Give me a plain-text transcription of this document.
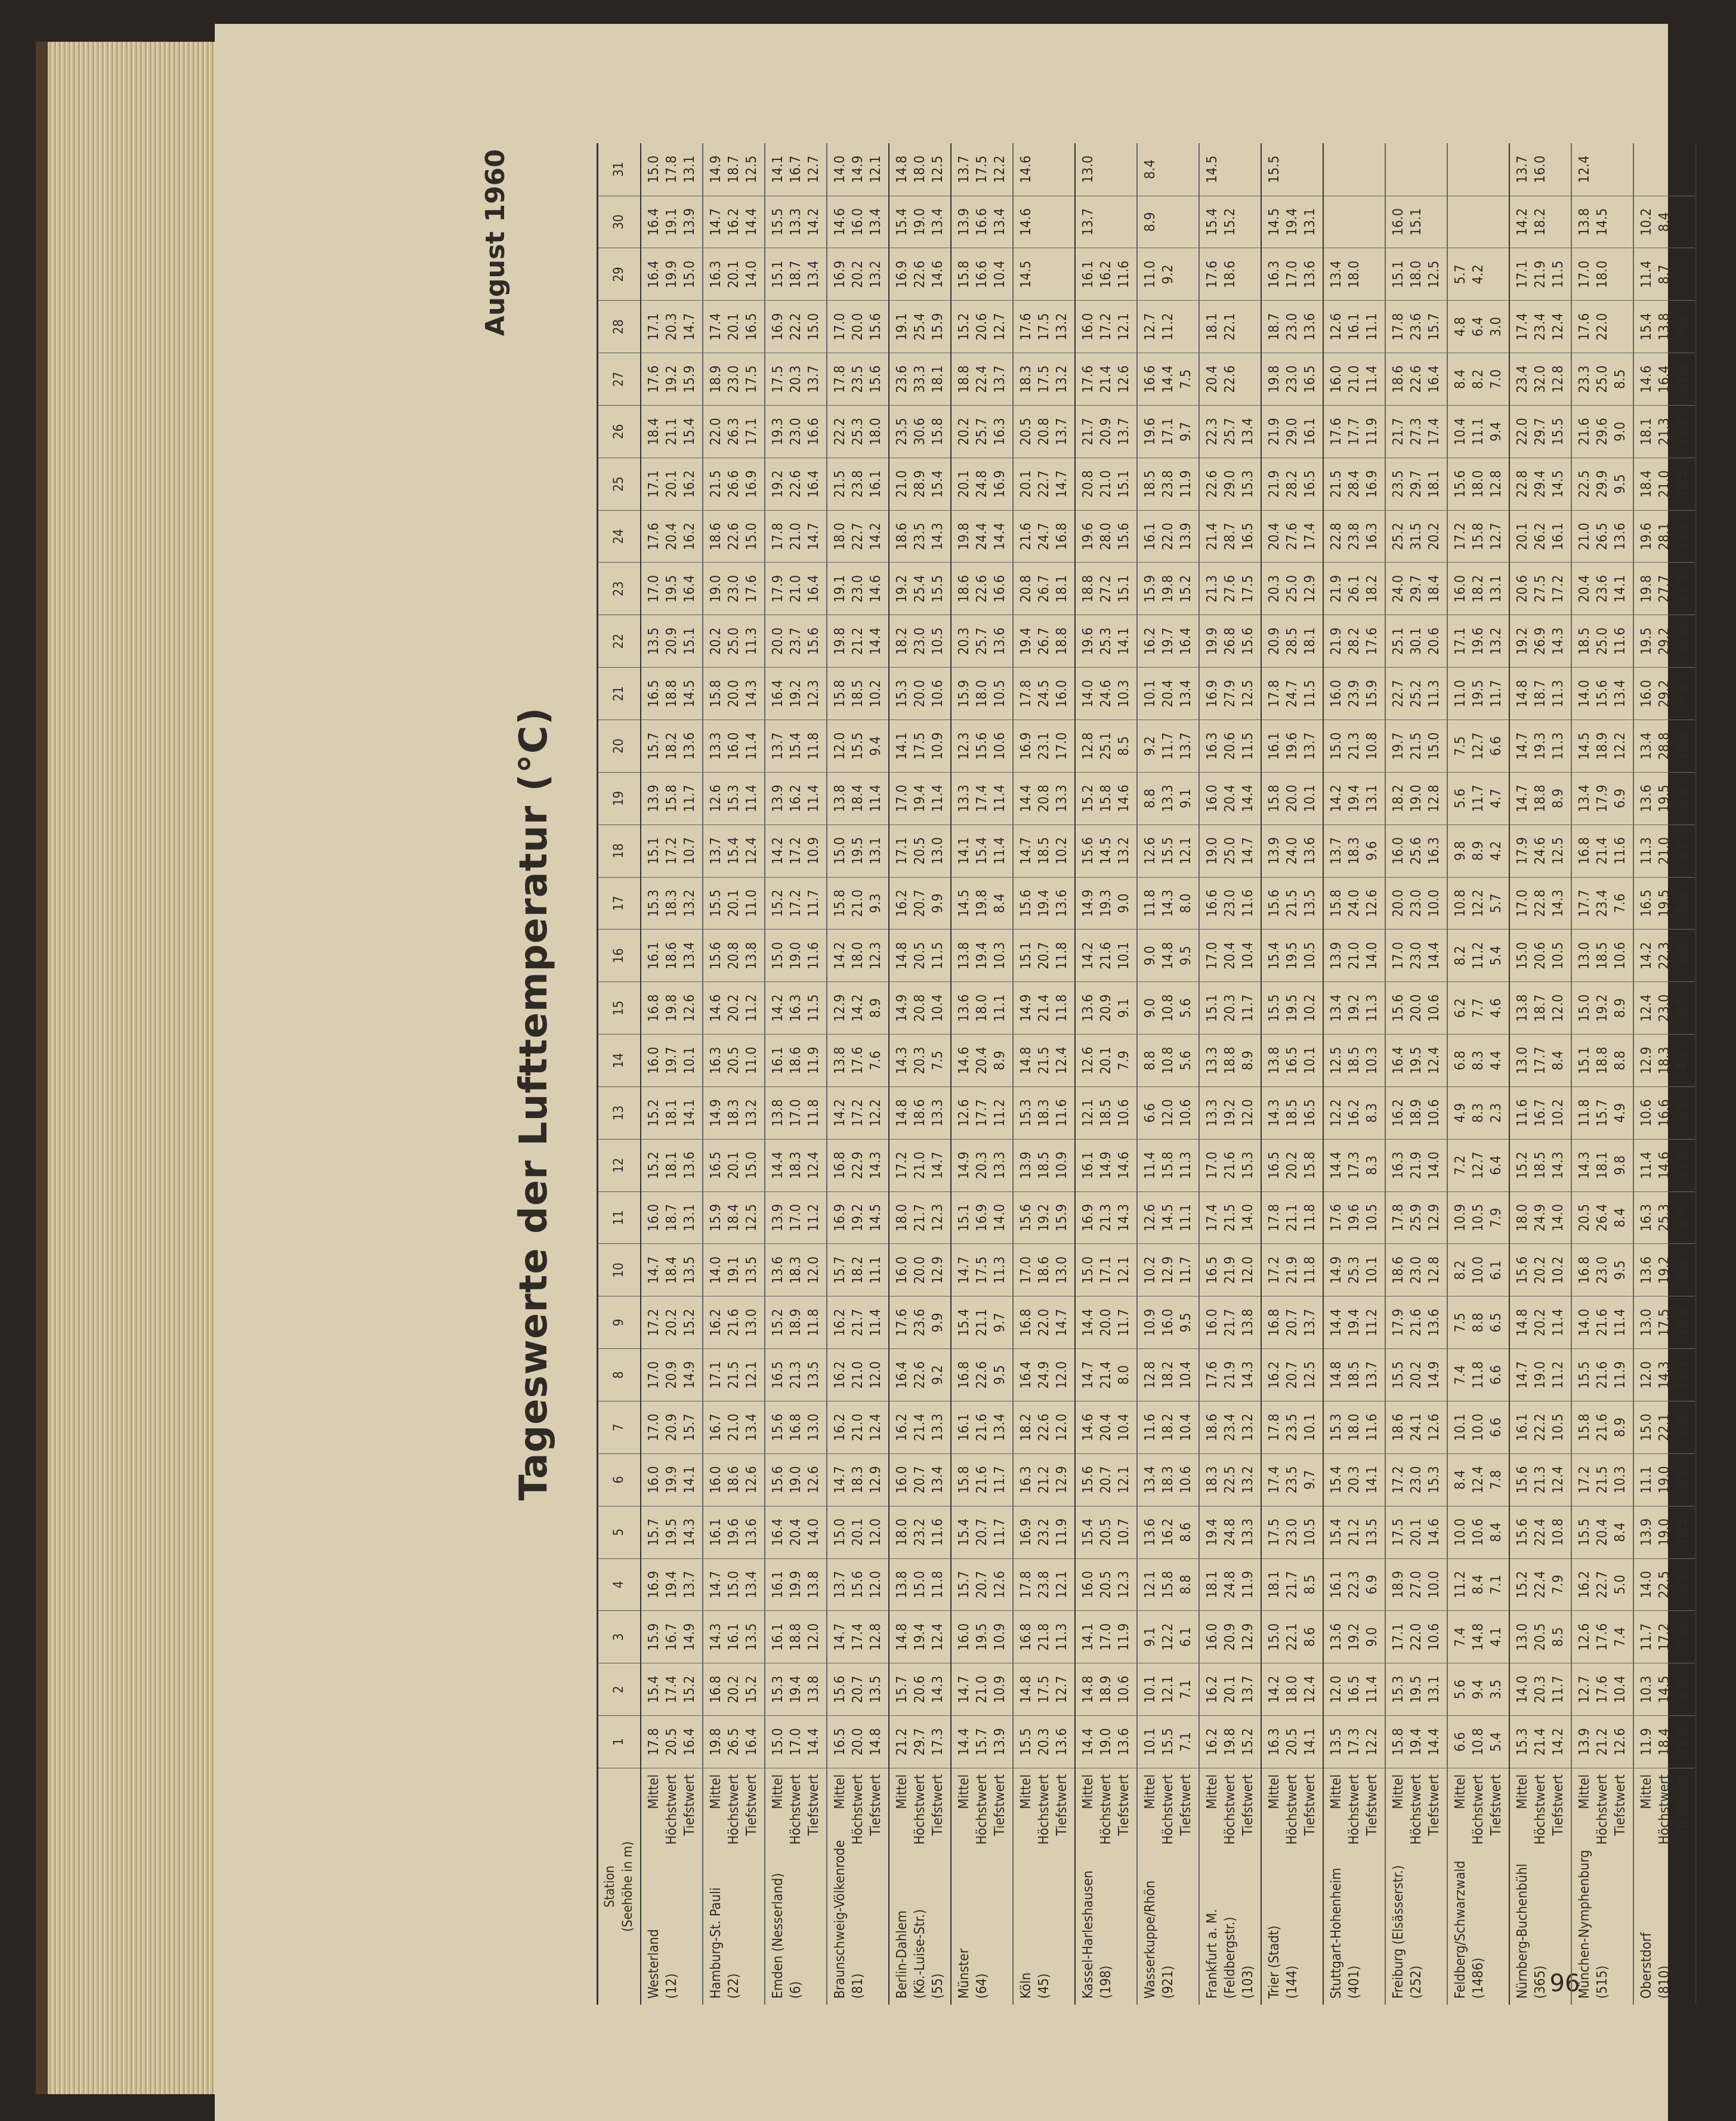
96
Tageswerte der Lufttemperatur (°C)
August 1960
Station (Seehöhe in m)		1	2	3	4	5	6	7	8	9	10	11	12	13	14	15	16	17	18	19	20	21	22	23	24	25	26	27	28	29	30	31

Westerland (12)	Mittel Höchstwert Tiefstwert	17.8 20.5 16.4	15.4 17.4 15.2	15.9 16.7 14.9	16.9 19.4 13.7	15.7 19.5 14.3	16.0 19.9 14.1	17.0 20.9 15.7	17.0 20.9 14.9	17.2 20.2 15.2	14.7 18.4 13.5	16.0 18.7 13.1	15.2 18.1 13.6	15.2 18.1 14.1	16.0 19.7 10.1	16.8 19.8 12.6	16.1 18.6 13.4	15.3 18.3 13.2	15.1 17.2 10.7	13.9 15.8 11.7	15.7 18.2 13.6	16.5 18.8 14.5	13.5 20.9 15.1	17.0 19.5 16.4	17.6 20.4 16.2	17.1 20.1 16.2	18.4 21.1 15.4	17.6 19.2 15.9	17.1 20.3 14.7	16.4 19.9 15.0	16.4 19.1 13.9	15.0 17.8 13.1

Hamburg-St. Pauli (22)	Mittel Höchstwert Tiefstwert	19.8 26.5 16.4	16.8 20.2 15.2	14.3 16.1 13.5	14.7 15.0 13.4	16.1 19.6 13.6	16.0 18.6 12.6	16.7 21.0 13.4	17.1 21.5 12.1	16.2 21.6 13.0	14.0 19.1 13.5	15.9 18.4 12.5	16.5 20.1 15.0	14.9 18.3 13.2	16.3 20.5 11.0	14.6 20.2 11.2	15.6 20.8 13.8	15.5 20.1 11.0	13.7 15.4 12.4	12.6 15.3 11.4	13.3 16.0 11.4	15.8 20.0 14.3	20.2 25.0 11.3	19.0 23.0 17.6	18.6 22.6 15.0	21.5 26.6 16.9	22.0 26.3 17.1	18.9 23.0 17.5	17.4 20.1 16.5	16.3 20.1 14.0	14.7 16.2 14.4	14.9 18.7 12.5

Emden (Nesserland) (6)	Mittel Höchstwert Tiefstwert	15.0 17.0 14.4	15.3 19.4 13.8	16.1 18.8 12.0	16.1 19.9 13.8	16.4 20.4 14.0	15.6 19.0 12.6	15.6 16.8 13.0	16.5 21.3 13.5	15.2 18.9 11.8	13.6 18.3 12.0	13.9 17.0 11.2	14.4 18.3 12.4	13.8 17.0 11.8	16.1 18.6 11.9	14.2 16.3 11.5	15.0 19.0 11.6	15.2 17.2 11.7	14.2 17.2 10.9	13.9 16.2 11.4	13.7 15.4 11.8	16.4 19.2 12.3	20.0 23.7 15.6	17.9 21.0 16.4	17.8 21.0 14.7	19.2 22.6 16.4	19.3 23.0 16.6	17.5 20.3 13.7	16.9 22.2 15.0	15.1 18.7 13.4	15.5 13.3 14.2	14.1 16.7 12.7

Braunschweig-Völkenrode (81)	Mittel Höchstwert Tiefstwert	16.5 20.0 14.8	15.6 20.7 13.5	14.7 17.4 12.8	13.7 15.6 12.0	15.0 20.1 12.0	14.7 18.3 12.9	16.2 21.0 12.4	16.2 21.0 12.0	16.2 21.7 11.4	15.7 18.2 11.1	16.9 19.2 14.5	16.8 22.9 14.3	14.2 17.2 12.2	13.8 17.6 7.6	12.9 14.2 8.9	14.2 18.0 12.3	15.8 21.0 9.3	15.0 19.5 13.1	13.8 18.4 11.4	12.0 15.5 9.4	15.8 18.5 10.2	19.8 21.2 14.4	19.1 23.0 14.6	18.0 22.7 14.2	21.5 23.8 16.1	22.2 25.3 18.0	17.8 23.5 15.6	17.0 20.0 15.6	16.9 20.2 13.2	14.6 16.0 13.4	14.0 14.9 12.1

Berlin-Dahlem (Kö.-Luise-Str.) (55)	Mittel Höchstwert Tiefstwert	21.2 29.7 17.3	15.7 20.6 14.3	14.8 19.4 12.4	13.8 15.0 11.8	18.0 23.2 11.6	16.0 20.7 13.4	16.2 21.4 13.3	16.4 22.6 9.2	17.6 23.6 9.9	16.0 20.0 12.9	18.0 21.7 12.3	17.2 21.0 14.7	14.8 18.6 13.3	14.3 20.3 7.5	14.9 20.8 10.4	14.8 20.5 11.5	16.2 20.7 9.9	17.1 20.5 13.0	17.0 19.4 11.4	14.1 17.5 10.9	15.3 20.0 10.6	18.2 23.0 10.5	19.2 25.4 15.5	18.6 23.5 14.3	21.0 28.9 15.4	23.5 30.6 15.8	23.6 33.3 18.1	19.1 25.4 15.9	16.9 22.6 14.6	15.4 19.0 13.4	14.8 18.0 12.5

Münster (64)	Mittel Höchstwert Tiefstwert	14.4 15.7 13.9	14.7 21.0 10.9	16.0 19.5 10.9	15.7 20.7 12.6	15.4 20.7 11.7	15.8 21.6 11.7	16.1 21.6 13.4	16.8 22.6 9.5	15.4 21.1 9.7	14.7 17.5 11.3	15.1 16.9 14.0	14.9 20.3 13.3	12.6 17.7 11.2	14.6 20.4 8.9	13.6 18.0 11.1	13.8 19.4 10.3	14.5 19.8 8.4	14.1 15.4 11.4	13.3 17.4 11.4	12.3 15.6 10.6	15.9 18.0 10.5	20.3 25.7 13.6	18.6 22.6 16.6	19.8 24.4 14.4	20.1 24.8 16.9	20.2 25.7 16.3	18.8 22.4 13.7	15.2 20.6 12.7	15.8 16.6 10.4	13.9 16.6 13.4	13.7 17.5 12.2

Köln (45)	Mittel Höchstwert Tiefstwert	15.5 20.3 13.6	14.8 17.5 12.7	16.8 21.8 11.3	17.8 23.8 12.1	16.9 23.2 11.9	16.3 21.2 12.9	18.2 22.6 12.0	16.4 24.9 12.0	16.8 22.0 14.7	17.0 18.6 13.0	15.6 19.2 15.9	13.9 18.5 10.9	15.3 18.3 11.6	14.8 21.5 12.4	14.9 21.4 11.8	15.1 20.7 11.8	15.6 19.4 13.6	14.7 18.5 10.2	14.4 20.8 13.3	16.9 23.1 17.0	17.8 24.5 16.0	19.4 26.7 18.8	20.8 26.7 18.1	21.6 24.7 16.8	20.1 22.7 14.7	20.5 20.8 13.7	18.3 17.5 13.2	17.6 17.5 13.2	14.5	14.6	14.6

Kassel-Harleshausen (198)	Mittel Höchstwert Tiefstwert	14.4 19.0 13.6	14.8 18.9 10.6	14.1 17.0 11.9	16.0 20.5 12.3	15.4 20.5 10.7	15.6 20.7 12.1	14.6 20.4 10.4	14.7 21.4 8.0	14.4 20.0 11.7	15.0 17.1 12.1	16.9 21.3 14.3	16.1 14.9 14.6	12.1 18.5 10.6	12.6 20.1 7.9	13.6 20.9 9.1	14.2 21.6 10.1	14.9 19.3 9.0	15.6 14.5 13.2	15.2 15.8 14.6	12.8 25.1 8.5	14.0 24.6 10.3	19.6 25.3 14.1	18.8 27.2 15.1	19.6 28.0 15.6	20.8 21.0 15.1	21.7 20.9 13.7	17.6 21.4 12.6	16.0 17.2 12.1	16.1 16.2 11.6	13.7	13.0

Wasserkuppe/Rhön (921)	Mittel Höchstwert Tiefstwert	10.1 15.5 7.1	10.1 12.1 7.1	9.1 12.2 6.1	12.1 15.8 8.8	13.6 16.2 8.6	13.4 18.3 10.6	11.6 18.2 10.4	12.8 18.2 10.4	10.9 16.0 9.5	10.2 12.9 11.7	12.6 14.5 11.1	11.4 15.8 11.3	6.6 12.0 10.6	8.8 10.8 5.6	9.0 10.8 5.6	9.0 14.8 9.5	11.8 14.3 8.0	12.6 15.5 12.1	8.8 13.3 9.1	9.2 11.7 13.7	10.1 20.4 13.4	16.2 19.7 16.4	15.9 19.8 15.2	16.1 22.0 13.9	18.5 23.8 11.9	19.6 17.1 9.7	16.6 14.4 7.5	12.7 11.2	11.0 9.2	8.9	8.4

Frankfurt a. M. (Feldbergstr.) (103)	Mittel Höchstwert Tiefstwert	16.2 19.8 15.2	16.2 20.1 13.7	16.0 20.9 12.9	18.1 24.8 11.9	19.4 24.8 13.3	18.3 22.5 13.2	18.6 23.4 13.2	17.6 21.9 14.3	16.0 21.7 13.8	16.5 21.9 12.0	17.4 21.5 14.0	17.0 21.6 15.3	13.3 19.2 12.0	13.3 18.8 8.9	15.1 20.3 11.7	17.0 20.4 10.4	16.6 23.0 11.6	19.0 25.0 14.7	16.0 20.4 14.4	16.3 20.6 11.5	16.9 27.9 12.5	19.9 26.8 15.6	21.3 27.6 17.5	21.4 28.7 16.5	22.6 29.0 15.3	22.3 25.7 13.4	20.4 22.6	18.1 22.1	17.6 18.6	15.4 15.2	14.5

Trier (Stadt) (144)	Mittel Höchstwert Tiefstwert	16.3 20.5 14.1	14.2 18.0 12.4	15.0 22.1 8.6	18.1 21.7 8.5	17.5 23.0 10.5	17.4 23.5 9.7	17.8 23.5 10.1	16.2 20.7 12.5	16.8 20.7 13.7	17.2 21.9 11.8	17.8 21.1 11.8	16.5 20.2 15.8	14.3 18.5 16.5	13.8 16.5 10.1	15.5 19.5 10.2	15.4 19.5 10.5	15.6 21.5 13.5	13.9 24.0 13.6	15.8 20.0 10.1	16.1 19.6 13.7	17.8 24.7 11.5	20.9 28.5 18.1	20.3 25.0 12.9	20.4 27.6 17.4	21.9 28.2 16.5	21.9 29.0 16.1	19.8 23.0 16.5	18.7 23.0 13.6	16.3 17.0 13.6	14.5 19.4 13.1	15.5

Stuttgart-Hohenheim (401)	Mittel Höchstwert Tiefstwert	13.5 17.3 12.2	12.0 16.5 11.4	13.6 19.2 9.0	16.1 22.3 6.9	15.4 21.2 13.5	15.4 20.3 14.1	15.3 18.0 11.6	14.8 18.5 13.7	14.4 19.4 11.2	14.9 25.3 10.1	17.6 19.6 10.5	14.4 17.3 8.3	12.2 16.2 8.3	12.5 18.5 10.3	13.4 19.2 11.3	13.9 21.0 14.0	15.8 24.0 12.6	13.7 18.3 9.6	14.2 19.4 13.1	15.0 21.3 10.8	16.0 23.9 15.9	21.9 28.2 17.6	21.9 26.1 18.2	22.8 23.8 16.3	21.5 28.4 16.9	17.6 17.7 11.9	16.0 21.0 11.4	12.6 16.1 11.1	13.4 18.0		

Freiburg (Elsässerstr.) (252)	Mittel Höchstwert Tiefstwert	15.8 19.4 14.4	15.3 19.5 13.1	17.1 22.0 10.6	18.9 27.0 10.0	17.5 20.1 14.6	17.2 23.0 15.3	18.6 24.1 12.6	15.5 20.2 14.9	17.9 21.6 13.6	18.6 23.0 12.8	17.8 25.9 12.9	16.3 21.9 14.0	16.2 18.9 10.6	16.4 19.5 12.4	15.6 20.0 10.6	17.0 23.0 14.4	20.0 23.0 10.0	16.0 25.6 16.3	18.2 19.0 12.8	19.7 21.5 15.0	22.7 25.2 11.3	25.1 30.1 20.6	24.0 29.7 18.4	25.2 31.5 20.2	23.5 29.7 18.1	21.7 27.3 17.4	18.6 22.6 16.4	17.8 23.6 15.7	15.1 18.0 12.5	16.0 15.1	

Feldberg/Schwarzwald (1486)	Mittel Höchstwert Tiefstwert	6.6 10.8 5.4	5.6 9.4 3.5	7.4 14.8 4.1	11.2 8.4 7.1	10.0 10.6 8.4	8.4 12.4 7.8	10.1 10.0 6.6	7.4 11.8 6.6	7.5 8.8 6.5	8.2 10.0 6.1	10.9 10.5 7.9	7.2 12.7 6.4	4.9 8.3 2.3	6.8 8.3 4.4	6.2 7.7 4.6	8.2 11.2 5.4	10.8 12.2 5.7	9.8 8.9 4.2	5.6 11.7 4.7	7.5 12.7 6.6	11.0 19.5 11.7	17.1 19.6 13.2	16.0 18.2 13.1	17.2 15.8 12.7	15.6 18.0 12.8	10.4 11.1 9.4	8.4 8.2 7.0	4.8 6.4 3.0	5.7 4.2		

Nürnberg-Buchenbühl (365)	Mittel Höchstwert Tiefstwert	15.3 21.4 14.2	14.0 20.3 11.7	13.0 20.5 8.5	15.2 22.4 7.9	15.6 22.4 10.8	15.6 21.3 12.4	16.1 22.2 10.5	14.7 19.0 11.2	14.8 20.2 11.4	15.6 20.2 10.2	18.0 24.9 14.0	15.2 18.5 14.3	11.6 16.7 10.2	13.0 17.7 8.4	13.8 18.7 12.0	15.0 20.6 10.5	17.0 22.8 14.3	17.9 24.6 12.5	14.7 18.8 8.9	14.7 19.3 11.3	14.8 18.7 11.3	19.2 26.9 14.3	20.6 27.5 17.2	20.1 26.2 16.1	22.8 29.4 14.5	22.0 29.7 15.5	23.4 32.0 12.8	17.4 23.4 12.4	17.1 21.9 11.5	14.2 18.2	13.7 16.0

München-Nymphenburg (515)	Mittel Höchstwert Tiefstwert	13.9 21.2 12.6	12.7 17.6 10.4	12.6 17.6 7.4	16.2 22.7 5.0	15.5 20.4 8.4	17.2 21.5 10.3	15.8 21.6 8.9	15.5 21.6 11.9	14.0 21.6 11.4	16.8 23.0 9.5	20.5 26.4 8.4	14.3 18.1 9.8	11.8 15.7 4.9	15.1 18.8 8.8	15.0 19.2 8.9	13.0 18.5 10.6	17.7 23.4 7.6	16.8 21.4 11.6	13.4 17.9 6.9	14.5 18.9 12.2	14.0 15.6 13.4	18.5 25.0 11.6	20.4 23.6 14.1	21.0 26.5 13.6	22.5 29.9 9.5	21.6 29.6 9.0	23.3 25.0 8.5	17.6 22.0	17.0 18.0	13.8 14.5	12.4

Oberstdorf (810)	Mittel Höchstwert Tiefstwert	11.9 18.4 11.0	10.3 14.5 8.2	11.7 17.2 7.0	14.0 22.5 3.8	13.9 19.0 10.5	11.1 19.0 9.8	15.0 22.1 7.0	12.0 14.3 11.3	13.0 17.5 10.6	13.6 19.2 8.9	16.3 25.3 6.9	11.4 14.6 11.0	10.6 16.6 9.5	12.9 18.3 4.1	12.4 23.0 9.7	14.2 22.3 8.0	16.5 19.5 5.0	11.3 21.0 9.8	13.6 19.5 6.8	13.4 28.8 10.2	16.0 29.2 6.0	19.5 29.2 11.0	19.8 27.7 13.5	19.6 28.1 11.9	18.4 21.0 10.5	18.1 21.3 11.8	14.6 16.4 11.6	15.4 13.8 9.9	11.4 8.7	10.2 8.4	
